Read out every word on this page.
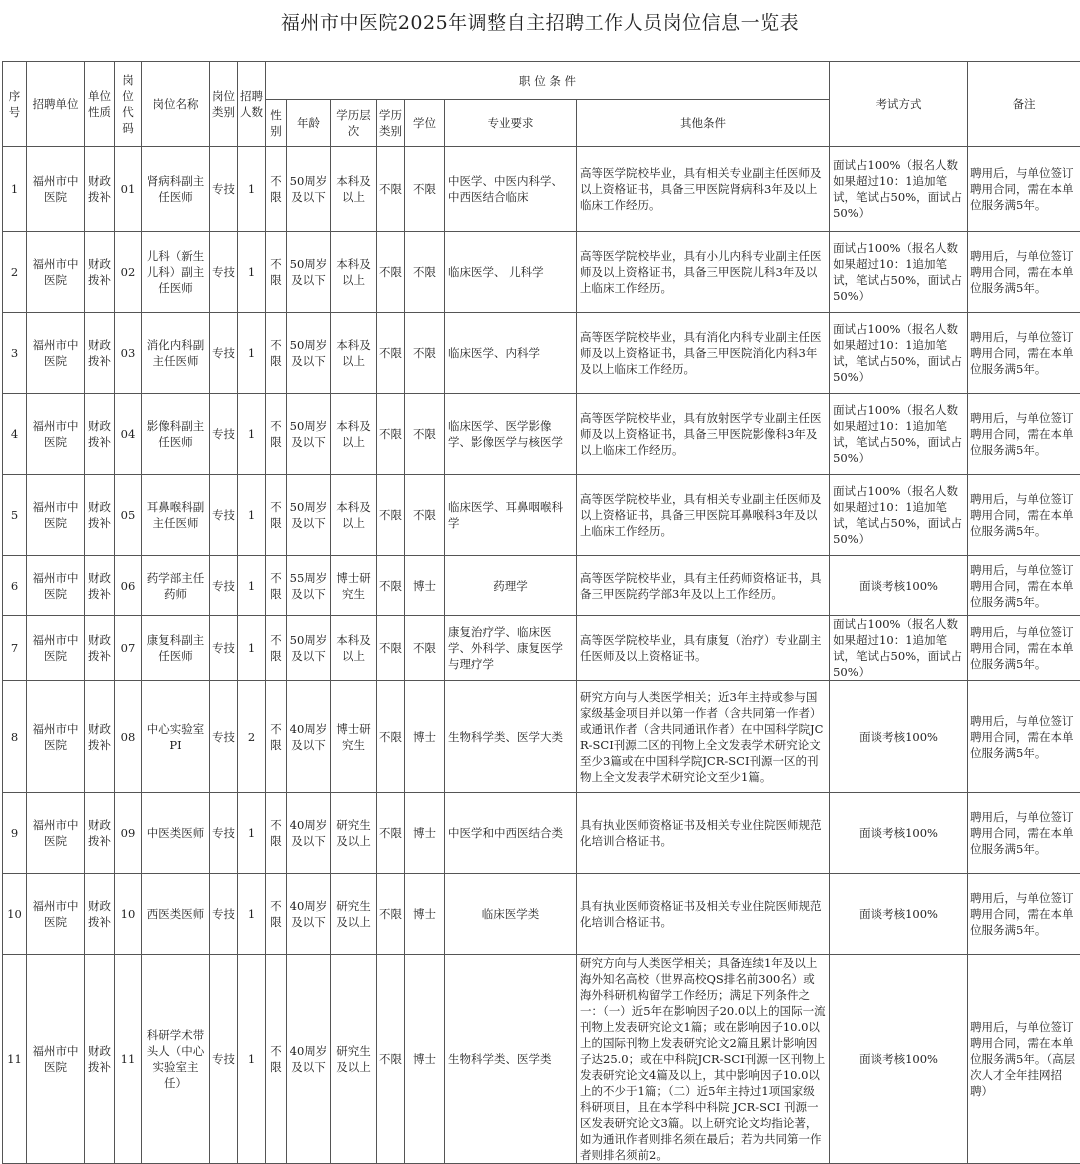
福州市中医院2025年调整自主招聘工作人员岗位信息一览表
序号	招聘单位	单位性质	岗位代码	岗位名称	岗位类别	招聘人数	职 位 条 件							考试方式	备注
							性别	年龄	学历层次	学历类别	学位	专业要求	其他条件		
1	福州市中医院	财政拨补	01	肾病科副主任医师	专技	1	不限	50周岁及以下	本科及以上	不限	不限	中医学、中医内科学、中西医结合临床	高等医学院校毕业，具有相关专业副主任医师及以上资格证书，具备三甲医院肾病科3年及以上临床工作经历。	面试占100%（报名人数如果超过10：1追加笔试，笔试占50%，面试占50%）	聘用后，与单位签订聘用合同，需在本单位服务满5年。
2	福州市中医院	财政拨补	02	儿科（新生儿科）副主任医师	专技	1	不限	50周岁及以下	本科及以上	不限	不限	临床医学、 儿科学	高等医学院校毕业，具有小儿内科专业副主任医师及以上资格证书，具备三甲医院儿科3年及以上临床工作经历。	面试占100%（报名人数如果超过10：1追加笔试，笔试占50%，面试占50%）	聘用后，与单位签订聘用合同，需在本单位服务满5年。
3	福州市中医院	财政拨补	03	消化内科副主任医师	专技	1	不限	50周岁及以下	本科及以上	不限	不限	临床医学、内科学	高等医学院校毕业，具有消化内科专业副主任医师及以上资格证书，具备三甲医院消化内科3年及以上临床工作经历。	面试占100%（报名人数如果超过10：1追加笔试，笔试占50%，面试占50%）	聘用后，与单位签订聘用合同，需在本单位服务满5年。
4	福州市中医院	财政拨补	04	影像科副主任医师	专技	1	不限	50周岁及以下	本科及以上	不限	不限	临床医学、医学影像学、影像医学与核医学	高等医学院校毕业，具有放射医学专业副主任医师及以上资格证书，具备三甲医院影像科3年及以上临床工作经历。	面试占100%（报名人数如果超过10：1追加笔试，笔试占50%，面试占50%）	聘用后，与单位签订聘用合同，需在本单位服务满5年。
5	福州市中医院	财政拨补	05	耳鼻喉科副主任医师	专技	1	不限	50周岁及以下	本科及以上	不限	不限	临床医学、耳鼻咽喉科学	高等医学院校毕业，具有相关专业副主任医师及以上资格证书，具备三甲医院耳鼻喉科3年及以上临床工作经历。	面试占100%（报名人数如果超过10：1追加笔试，笔试占50%，面试占50%）	聘用后，与单位签订聘用合同，需在本单位服务满5年。
6	福州市中医院	财政拨补	06	药学部主任药师	专技	1	不限	55周岁及以下	博士研究生	不限	博士	药理学	高等医学院校毕业，具有主任药师资格证书，具备三甲医院药学部3年及以上工作经历。	面谈考核100%	聘用后，与单位签订聘用合同，需在本单位服务满5年。
7	福州市中医院	财政拨补	07	康复科副主任医师	专技	1	不限	50周岁及以下	本科及以上	不限	不限	康复治疗学、临床医学、外科学、康复医学与理疗学	高等医学院校毕业，具有康复（治疗）专业副主任医师及以上资格证书。	面试占100%（报名人数如果超过10：1追加笔试，笔试占50%，面试占50%）	聘用后，与单位签订聘用合同，需在本单位服务满5年。
8	福州市中医院	财政拨补	08	中心实验室PI	专技	2	不限	40周岁及以下	博士研究生	不限	博士	生物科学类、医学大类	研究方向与人类医学相关；近3年主持或参与国家级基金项目并以第一作者（含共同第一作者）或通讯作者（含共同通讯作者）在中国科学院JCR-SCI刊源二区的刊物上全文发表学术研究论文至少3篇或在中国科学院JCR-SCI刊源一区的刊物上全文发表学术研究论文至少1篇。	面谈考核100%	聘用后，与单位签订聘用合同，需在本单位服务满5年。
9	福州市中医院	财政拨补	09	中医类医师	专技	1	不限	40周岁及以下	研究生及以上	不限	博士	中医学和中西医结合类	具有执业医师资格证书及相关专业住院医师规范化培训合格证书。	面谈考核100%	聘用后，与单位签订聘用合同，需在本单位服务满5年。
10	福州市中医院	财政拨补	10	西医类医师	专技	1	不限	40周岁及以下	研究生及以上	不限	博士	临床医学类	具有执业医师资格证书及相关专业住院医师规范化培训合格证书。	面谈考核100%	聘用后，与单位签订聘用合同，需在本单位服务满5年。
11	福州市中医院	财政拨补	11	科研学术带头人（中心实验室主任）	专技	1	不限	40周岁及以下	研究生及以上	不限	博士	生物科学类、医学类	研究方向与人类医学相关；具备连续1年及以上海外知名高校（世界高校QS排名前300名）或海外科研机构留学工作经历；满足下列条件之一：（一）近5年在影响因子20.0以上的国际一流刊物上发表研究论文1篇；或在影响因子10.0以上的国际刊物上发表研究论文2篇且累计影响因子达25.0；或在中科院JCR-SCI刊源一区刊物上发表研究论文4篇及以上，其中影响因子10.0以上的不少于1篇；（二）近5年主持过1项国家级科研项目，且在本学科中科院 JCR-SCI 刊源一区发表研究论文3篇。以上研究论文均指论著，如为通讯作者则排名须在最后；若为共同第一作者则排名须前2。	面谈考核100%	聘用后，与单位签订聘用合同，需在本单位服务满5年。（高层次人才全年挂网招聘）
